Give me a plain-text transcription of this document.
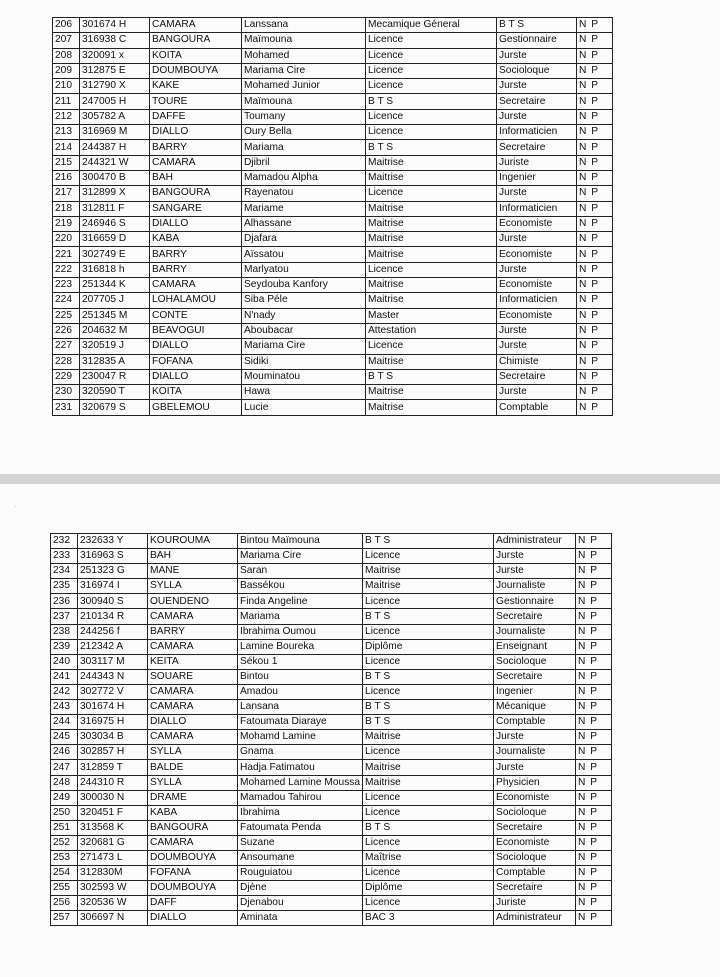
·
206	301674 H	CAMARA	Lanssana	Mecamique Géneral	B T S	N P
207	316938 C	BANGOURA	Maïmouna	Licence	Gestionnaire	N P
208	320091 x	KOITA	Mohamed	Licence	Jurste	N P
209	312875 E	DOUMBOUYA	Mariama Cire	Licence	Socioloque	N P
210	312790 X	KAKE	Mohamed Junior	Licence	Jurste	N P
211	247005 H	TOURE	Maïmouna	B T S	Secretaire	N P
212	305782 A	DAFFE	Toumany	Licence	Jurste	N P
213	316969 M	DIALLO	Oury Bella	Licence	Informaticien	N P
214	244387 H	BARRY	Mariama	B T S	Secretaire	N P
215	244321 W	CAMARA	Djibril	Maitrise	Juriste	N P
216	300470 B	BAH	Mamadou Alpha	Maitrise	Ingenier	N P
217	312899 X	BANGOURA	Rayenatou	Licence	Jurste	N P
218	312811 F	SANGARE	Mariame	Maitrise	Informaticien	N P
219	246946 S	DIALLO	Alhassane	Maitrise	Economiste	N P
220	316659 D	KABA	Djafara	Maitrise	Jurste	N P
221	302749 E	BARRY	Aïssatou	Maitrise	Economiste	N P
222	316818 h	BARRY	Marlyatou	Licence	Jurste	N P
223	251344 K	CAMARA	Seydouba Kanfory	Maitrise	Economiste	N P
224	207705 J	LOHALAMOU	Siba Péle	Maitrise	Informaticien	N P
225	251345 M	CONTE	N'nady	Master	Economiste	N P
226	204632 M	BEAVOGUI	Aboubacar	Attestation	Jurste	N P
227	320519 J	DIALLO	Mariama Cire	Licence	Jurste	N P
228	312835 A	FOFANA	Sidiki	Maitrise	Chimiste	N P
229	230047 R	DIALLO	Mouminatou	B T S	Secretaire	N P
230	320590 T	KOITA	Hawa	Maitrise	Jurste	N P
231	320679 S	GBELEMOU	Lucie	Maitrise	Comptable	N P
232	232633 Y	KOUROUMA	Bintou Maïmouna	B T S	Administrateur	N P
233	316963 S	BAH	Mariama Cire	Licence	Jurste	N P
234	251323 G	MANE	Saran	Maitrise	Jurste	N P
235	316974 I	SYLLA	Bassékou	Maitrise	Journaliste	N P
236	300940 S	OUENDENO	Finda Angeline	Licence	Gestionnaire	N P
237	210134 R	CAMARA	Mariama	B T S	Secretaire	N P
238	244256 f	BARRY	Ibrahima Oumou	Licence	Journaliste	N P
239	212342 A	CAMARA	Lamine Boureka	Diplôme	Enseignant	N P
240	303117 M	KEITA	Sékou 1	Licence	Socioloque	N P
241	244343 N	SOUARE	Bintou	B T S	Secretaire	N P
242	302772 V	CAMARA	Amadou	Licence	Ingenier	N P
243	301674 H	CAMARA	Lansana	B T S	Mécanique	N P
244	316975 H	DIALLO	Fatoumata Diaraye	B T S	Comptable	N P
245	303034 B	CAMARA	Mohamd Lamine	Maitrise	Jurste	N P
246	302857 H	SYLLA	Gnama	Licence	Journaliste	N P
247	312859 T	BALDE	Hadja Fatimatou	Maitrise	Jurste	N P
248	244310 R	SYLLA	Mohamed Lamine Moussa	Maitrise	Physicien	N P
249	300030 N	DRAME	Mamadou Tahirou	Licence	Economiste	N P
250	320451 F	KABA	Ibrahima	Licence	Socioloque	N P
251	313568 K	BANGOURA	Fatoumata Penda	B T S	Secretaire	N P
252	320681 G	CAMARA	Suzane	Licence	Economiste	N P
253	271473 L	DOUMBOUYA	Ansoumane	Maîtrise	Socioloque	N P
254	312830M	FOFANA	Rouguiatou	Licence	Comptable	N P
255	302593 W	DOUMBOUYA	Djène	Diplôme	Secretaire	N P
256	320536 W	DAFF	Djenabou	Licence	Juriste	N P
257	306697 N	DIALLO	Aminata	BAC 3	Administrateur	N P
